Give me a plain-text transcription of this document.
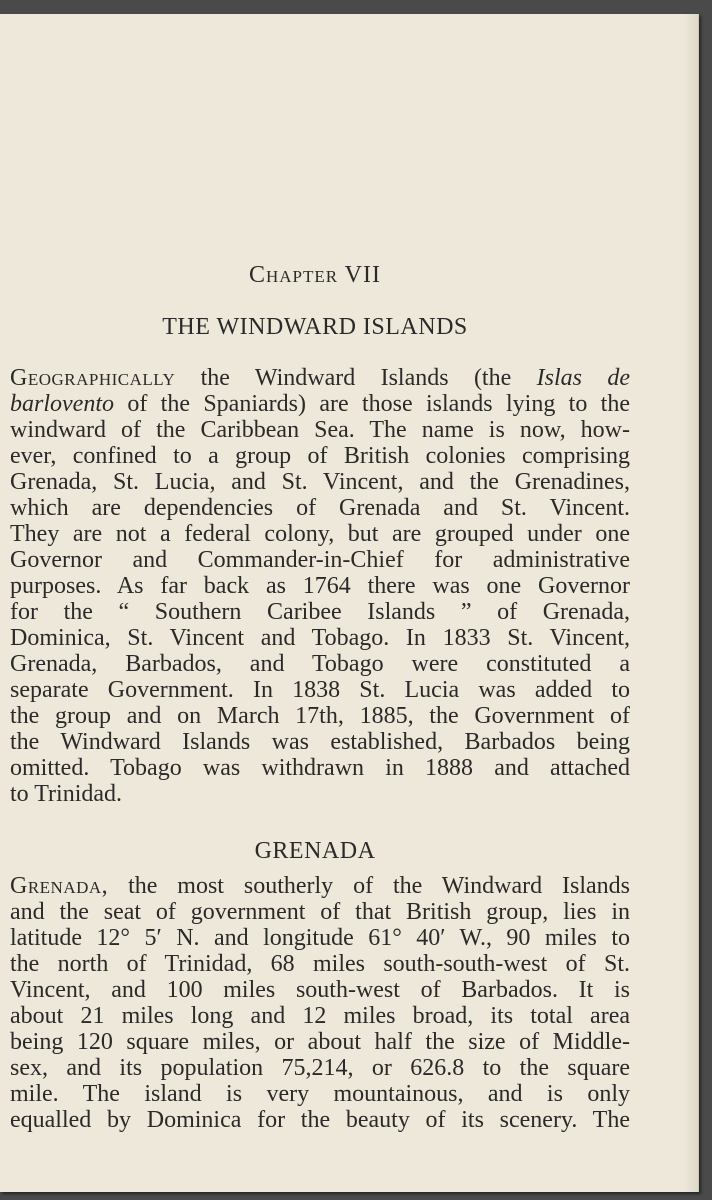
Chapter VII
THE WINDWARD ISLANDS
Geographically the Windward Islands (the Islas de
barlovento of the Spaniards) are those islands lying to the
windward of the Caribbean Sea. The name is now, how-
ever, confined to a group of British colonies comprising
Grenada, St. Lucia, and St. Vincent, and the Grenadines,
which are dependencies of Grenada and St. Vincent.
They are not a federal colony, but are grouped under one
Governor and Commander-in-Chief for administrative
purposes. As far back as 1764 there was one Governor
for the “ Southern Caribee Islands ” of Grenada,
Dominica, St. Vincent and Tobago. In 1833 St. Vincent,
Grenada, Barbados, and Tobago were constituted a
separate Government. In 1838 St. Lucia was added to
the group and on March 17th, 1885, the Government of
the Windward Islands was established, Barbados being
omitted. Tobago was withdrawn in 1888 and attached
to Trinidad.
GRENADA
Grenada, the most southerly of the Windward Islands
and the seat of government of that British group, lies in
latitude 12° 5′ N. and longitude 61° 40′ W., 90 miles to
the north of Trinidad, 68 miles south-south-west of St.
Vincent, and 100 miles south-west of Barbados. It is
about 21 miles long and 12 miles broad, its total area
being 120 square miles, or about half the size of Middle-
sex, and its population 75,214, or 626.8 to the square
mile. The island is very mountainous, and is only
equalled by Dominica for the beauty of its scenery. The
